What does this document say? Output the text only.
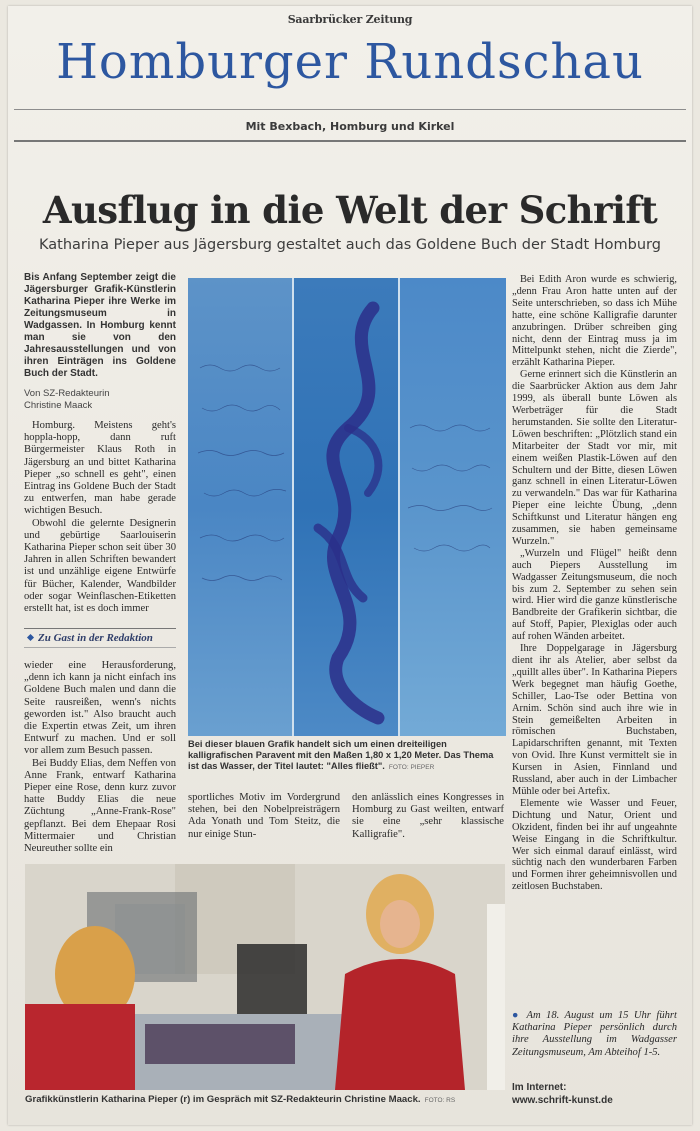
Saarbrücker Zeitung
Homburger Rundschau
Mit Bexbach, Homburg und Kirkel
Ausflug in die Welt der Schrift
Katharina Pieper aus Jägersburg gestaltet auch das Goldene Buch der Stadt Homburg
Bis Anfang September zeigt die Jägersburger Grafik-Künstlerin Katharina Pieper ihre Werke im Zeitungsmuseum in Wadgassen. In Homburg kennt man sie von den Jahresausstellungen und von ihren Einträgen ins Goldene Buch der Stadt.
Von SZ-Redakteurin
Christine Maack

Homburg. Meistens geht's hoppla-hopp, dann ruft Bürgermeister Klaus Roth in Jägersburg an und bittet Katharina Pieper „so schnell es geht", einen Eintrag ins Goldene Buch der Stadt zu entwerfen, man habe gerade wichtigen Besuch.

Obwohl die gelernte Designerin und gebürtige Saarlouiserin Katharina Pieper schon seit über 30 Jahren in allen Schriften bewandert ist und unzählige eigene Entwürfe für Bücher, Kalender, Wandbilder oder sogar Weinflaschen-Etiketten erstellt hat, ist es doch immer

Zu Gast in der Redaktion

wieder eine Herausforderung, „denn ich kann ja nicht einfach ins Goldene Buch malen und dann die Seite rausreißen, wenn's nichts geworden ist." Also braucht auch die Expertin etwas Zeit, um ihren Entwurf zu machen. Und er soll vor allem zum Besuch passen.

Bei Buddy Elias, dem Neffen von Anne Frank, entwarf Katharina Pieper eine Rose, denn kurz zuvor hatte Buddy Elias die neue Züchtung „Anne-Frank-Rose" gepflanzt. Bei dem Ehepaar Rosi Mittermaier und Christian Neureuther sollte ein

Bei dieser blauen Grafik handelt sich um einen dreiteiligen kalligrafischen Paravent mit den Maßen 1,80 x 1,20 Meter. Das Thema ist das Wasser, der Titel lautet: "Alles fließt". FOTO: PIEPER

sportliches Motiv im Vordergrund stehen, bei den Nobelpreisträgern Ada Yonath und Tom Steitz, die nur einige Stun-

den anlässlich eines Kongresses in Homburg zu Gast weilten, entwarf sie eine „sehr klassische Kalligrafie".

Bei Edith Aron wurde es schwierig, „denn Frau Aron hatte unten auf der Seite unterschrieben, so dass ich Mühe hatte, eine schöne Kalligrafie darunter anzubringen. Drüber schreiben ging nicht, denn der Eintrag muss ja im Mittelpunkt stehen, nicht die Zierde", erzählt Katharina Pieper.

Gerne erinnert sich die Künstlerin an die Saarbrücker Aktion aus dem Jahr 1999, als überall bunte Löwen als Werbeträger für die Stadt herumstanden. Sie sollte den Literatur-Löwen beschriften: „Plötzlich stand ein Mitarbeiter der Stadt vor mir, mit einem weißen Plastik-Löwen auf den Schultern und der Bitte, diesen Löwen ganz schnell in einen Literatur-Löwen zu verwandeln." Das war für Katharina Pieper eine leichte Übung, „denn Schiftkunst und Literatur hängen eng zusammen, sie haben gemeinsame Wurzeln."

„Wurzeln und Flügel" heißt denn auch Piepers Ausstellung im Wadgasser Zeitungsmuseum, die noch bis zum 2. September zu sehen sein wird. Hier wird die ganze künstlerische Bandbreite der Grafikerin sichtbar, die auf Stoff, Papier, Plexiglas oder auch auf rohen Wänden arbeitet.

Ihre Doppelgarage in Jägersburg dient ihr als Atelier, aber selbst da „quillt alles über". In Katharina Piepers Werk begegnet man häufig Goethe, Schiller, Lao-Tse oder Bettina von Arnim. Schön sind auch ihre wie in Stein gemeißelten Arbeiten in römischen Buchstaben, Lapidarschriften genannt, mit Texten von Ovid. Ihre Kunst vermittelt sie in Kursen in Asien, Finnland und Russland, aber auch in der Limbacher Mühle oder bei Artefix.

Elemente wie Wasser und Feuer, Dichtung und Natur, Orient und Okzident, finden bei ihr auf ungeahnte Weise Eingang in die Schriftkultur. Wer sich einmal darauf einlässt, wird süchtig nach den wunderbaren Farben und Formen ihrer geheimnisvollen und zeitlosen Buchstaben.

● Am 18. August um 15 Uhr führt Katharina Pieper persönlich durch ihre Ausstellung im Wadgasser Zeitungsmuseum, Am Abteihof 1-5.
Im Internet:
www.schrift-kunst.de
Grafikkünstlerin Katharina Pieper (r) im Gespräch mit SZ-Redakteurin Christine Maack. FOTO: RS
